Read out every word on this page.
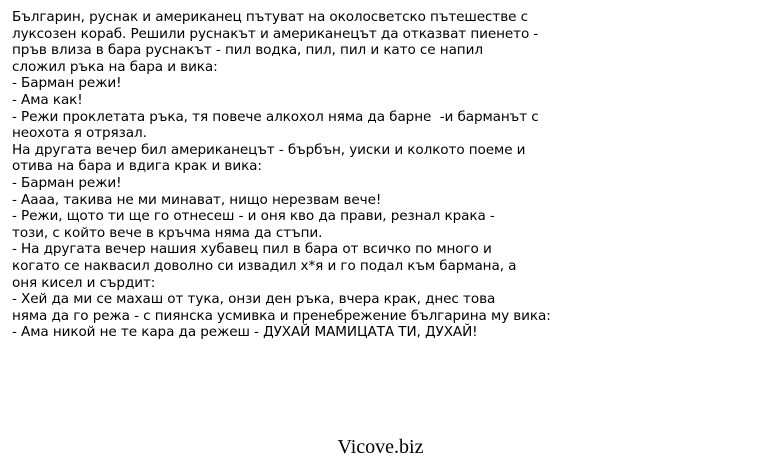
Българин, руснак и американец пътуват на околосветско пътешестве с
луксозен кораб. Решили руснакът и американецът да отказват пиенето -
пръв влиза в бара руснакът - пил водка, пил, пил и като се напил
сложил ръка на бара и вика:
- Барман режи!
- Ама как!
- Режи проклетата ръка, тя повече алкохол няма да барне  -и барманът с
неохота я отрязал.
На другата вечер бил американецът - бърбън, уиски и колкото поеме и
отива на бара и вдига крак и вика:
- Барман режи!
- Аааа, такива не ми минават, нищо нерезвам вече!
- Режи, щото ти ще го отнесеш - и оня кво да прави, резнал крака -
този, с който вече в кръчма няма да стъпи.
- На другата вечер нашия хубавец пил в бара от всичко по много и
когато се наквасил доволно си извадил х*я и го подал към бармана, а
оня кисел и сърдит:
- Хей да ми се махаш от тука, онзи ден ръка, вчера крак, днес това
няма да го режа - с пиянска усмивка и пренебрежение българина му вика:
- Ама никой не те кара да режеш - ДУХАЙ МАМИЦАТА ТИ, ДУХАЙ!
Vicove.biz
